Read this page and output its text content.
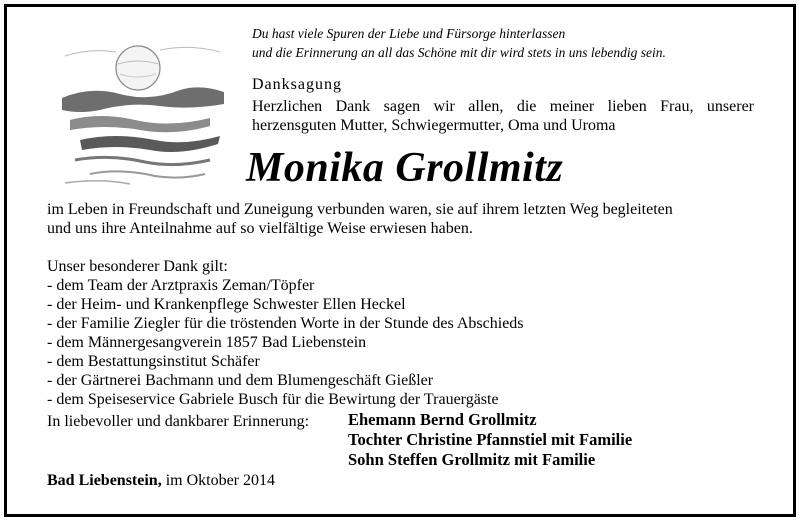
Du hast viele Spuren der Liebe und Fürsorge hinterlassen
und die Erinnerung an all das Schöne mit dir wird stets in uns lebendig sein.
Danksagung
Herzlichen Dank sagen wir allen, die meiner lieben Frau, unserer herzensguten Mutter, Schwiegermutter, Oma und Uroma
Monika Grollmitz
im Leben in Freundschaft und Zuneigung verbunden waren, sie auf ihrem letzten Weg begleiteten
und uns ihre Anteilnahme auf so vielfältige Weise erwiesen haben.
Unser besonderer Dank gilt:
- dem Team der Arztpraxis Zeman/Töpfer
- der Heim- und Krankenpflege Schwester Ellen Heckel
- der Familie Ziegler für die tröstenden Worte in der Stunde des Abschieds
- dem Männergesangverein 1857 Bad Liebenstein
- dem Bestattungsinstitut Schäfer
- der Gärtnerei Bachmann und dem Blumengeschäft Gießler
- dem Speiseservice Gabriele Busch für die Bewirtung der Trauergäste
In liebevoller und dankbarer Erinnerung: Ehemann Bernd Grollmitz
Tochter Christine Pfannstiel mit Familie
Sohn Steffen Grollmitz mit Familie
Bad Liebenstein, im Oktober 2014
